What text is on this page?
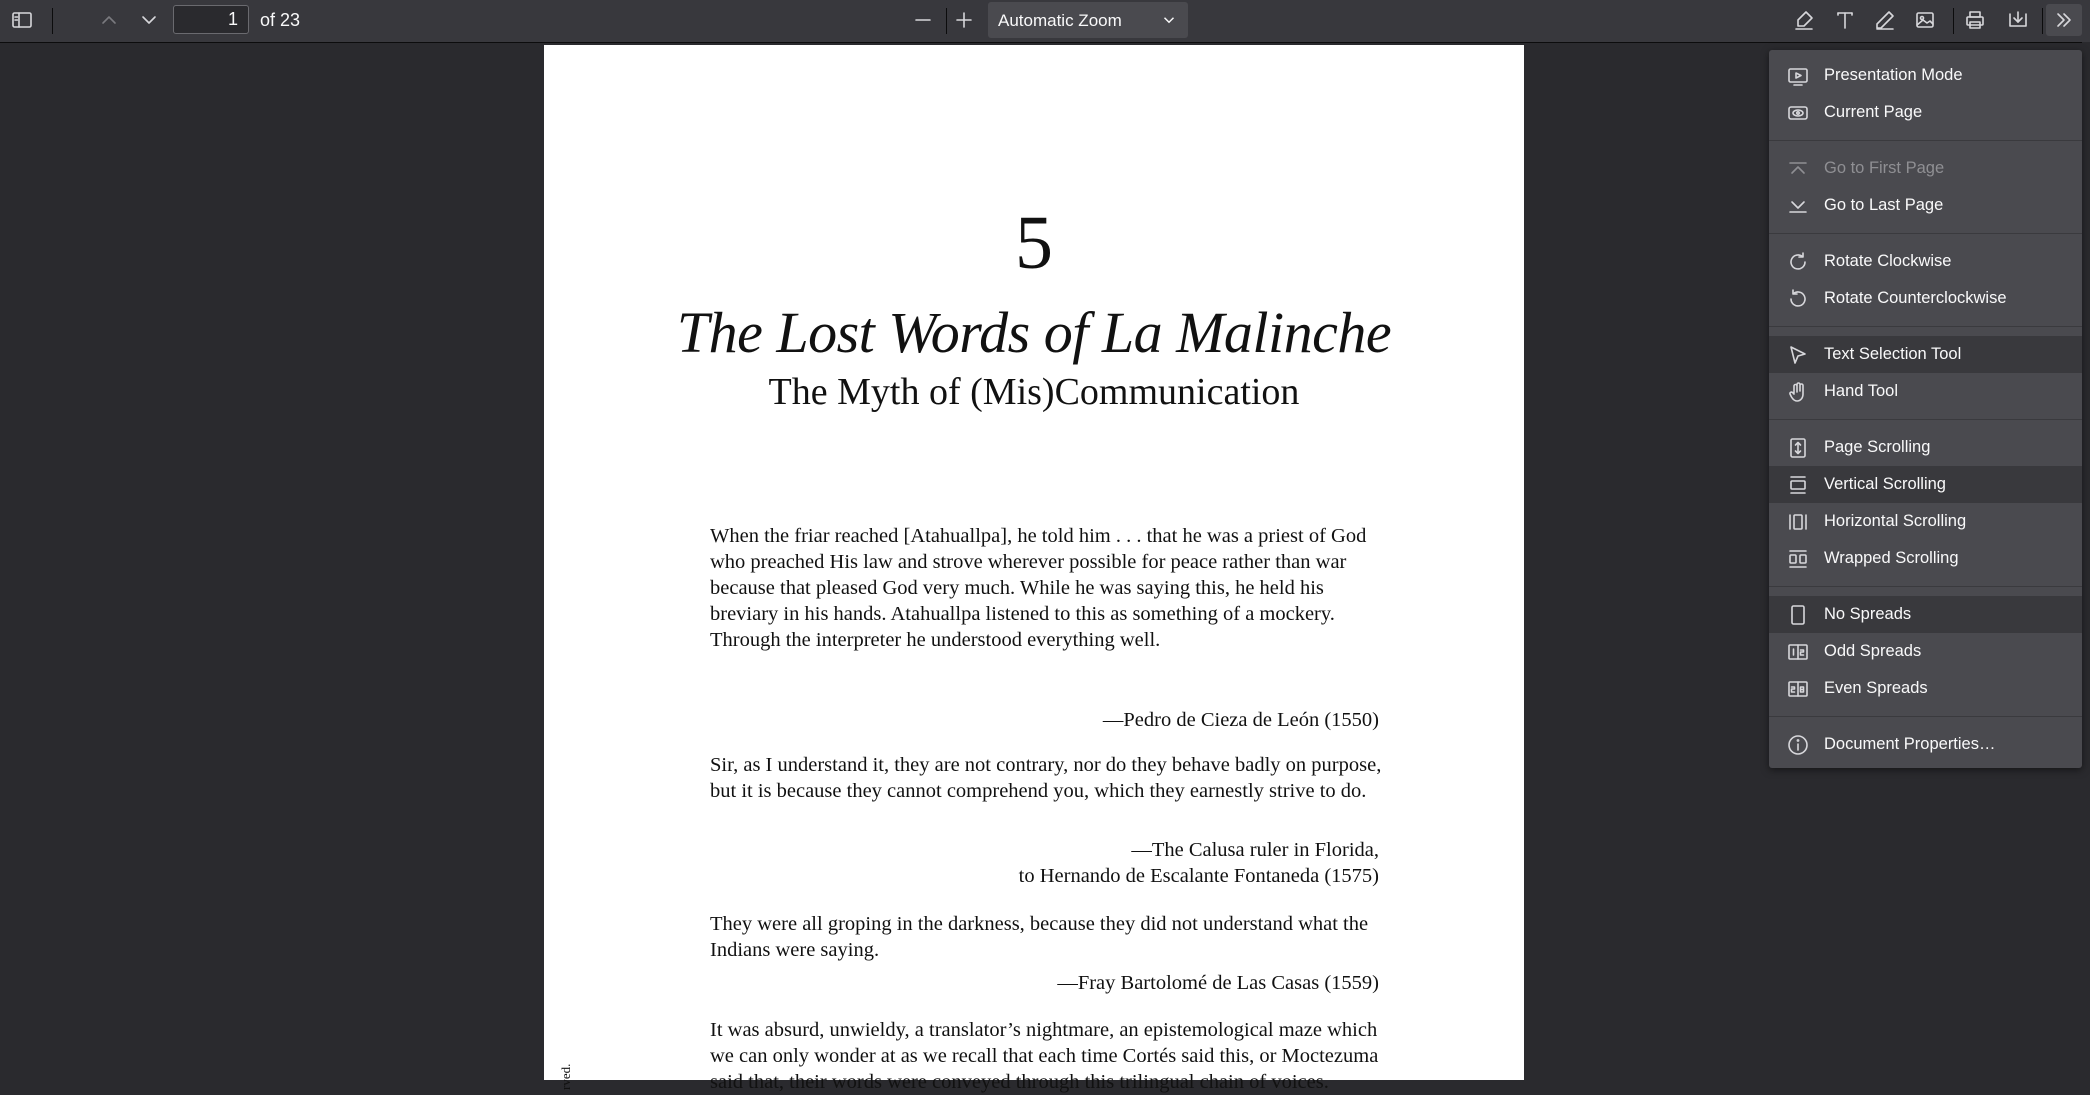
1
of 23	Automatic Zoom
5
The Lost Words of La Malinche
The Myth of (Mis)Communication
When the friar reached [Atahuallpa], he told him . . . that he was a priest of God who preached His law and strove wherever possible for peace rather than war because that pleased God very much. While he was saying this, he held his breviary in his hands. Atahuallpa listened to this as something of a mockery. Through the interpreter he understood everything well.
—Pedro de Cieza de León (1550)
Sir, as I understand it, they are not contrary, nor do they behave badly on purpose, but it is because they cannot comprehend you, which they earnestly strive to do.
—The Calusa ruler in Florida,
to Hernando de Escalante Fontaneda (1575)
They were all groping in the darkness, because they did not understand what the Indians were saying.
—Fray Bartolomé de Las Casas (1559)
It was absurd, unwieldy, a translator’s nightmare, an epistemological maze which we can only wonder at as we recall that each time Cortés said this, or Moctezuma said that, their words were conveyed through this trilingual chain of voices.
rved.
Presentation Mode
Current Page
Go to First Page
Go to Last Page
Rotate Clockwise
Rotate Counterclockwise
Text Selection Tool
Hand Tool
Page Scrolling
Vertical Scrolling
Horizontal Scrolling
Wrapped Scrolling
No Spreads
Odd Spreads
Even Spreads
Document Properties…
